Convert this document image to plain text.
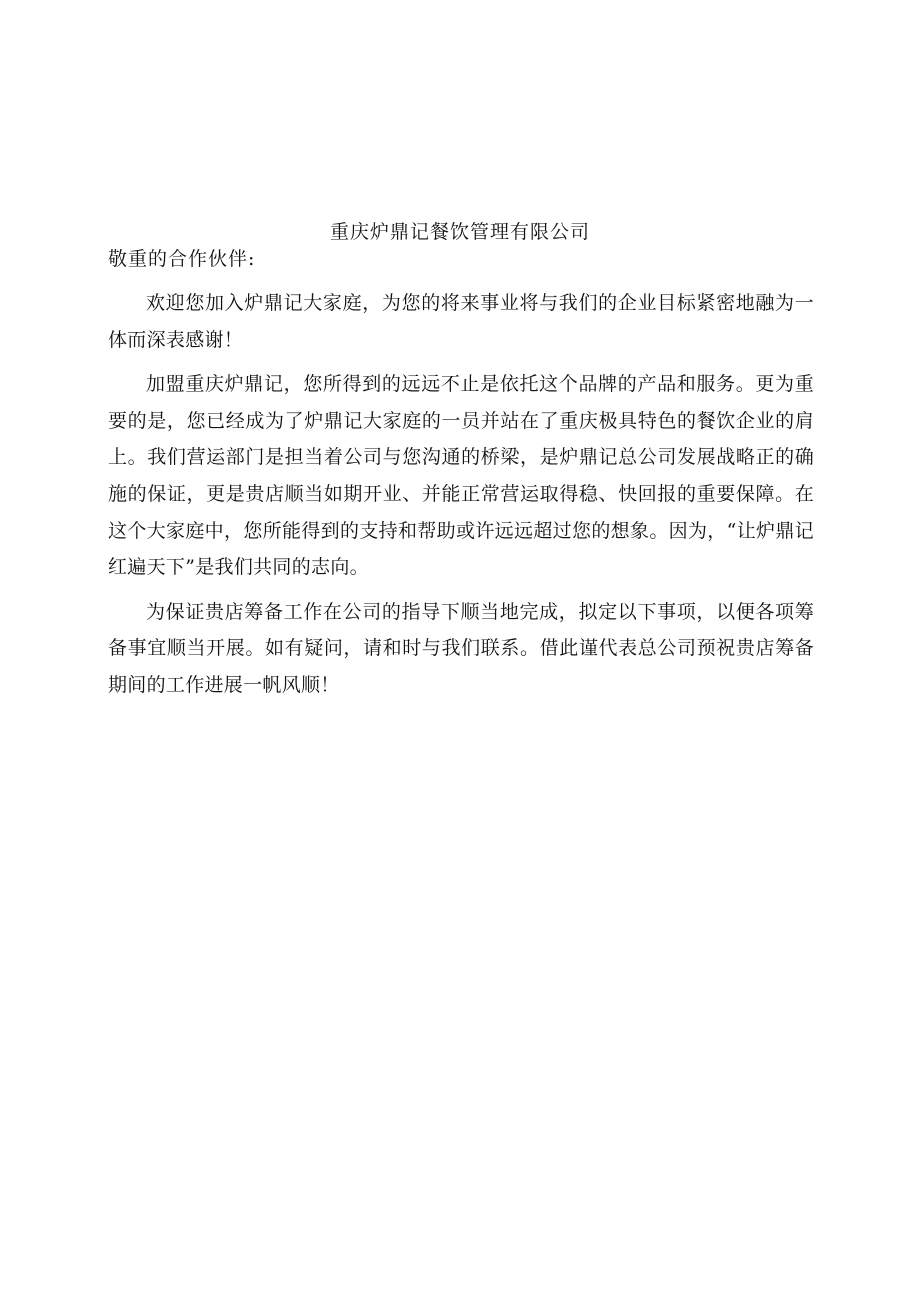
重庆炉鼎记餐饮管理有限公司
敬重的合作伙伴:

欢迎您加入炉鼎记大家庭，为您的将来事业将与我们的企业目标紧密地融为一体而深表感谢！

加盟重庆炉鼎记，您所得到的远远不止是依托这个品牌的产品和服务。更为重要的是，您已经成为了炉鼎记大家庭的一员并站在了重庆极具特色的餐饮企业的肩上。我们营运部门是担当着公司与您沟通的桥梁，是炉鼎记总公司发展战略正的确施的保证，更是贵店顺当如期开业、并能正常营运取得稳、快回报的重要保障。在这个大家庭中，您所能得到的支持和帮助或许远远超过您的想象。因为，“让炉鼎记红遍天下”是我们共同的志向。

为保证贵店筹备工作在公司的指导下顺当地完成，拟定以下事项，以便各项筹备事宜顺当开展。如有疑问，请和时与我们联系。借此谨代表总公司预祝贵店筹备期间的工作进展一帆风顺！
